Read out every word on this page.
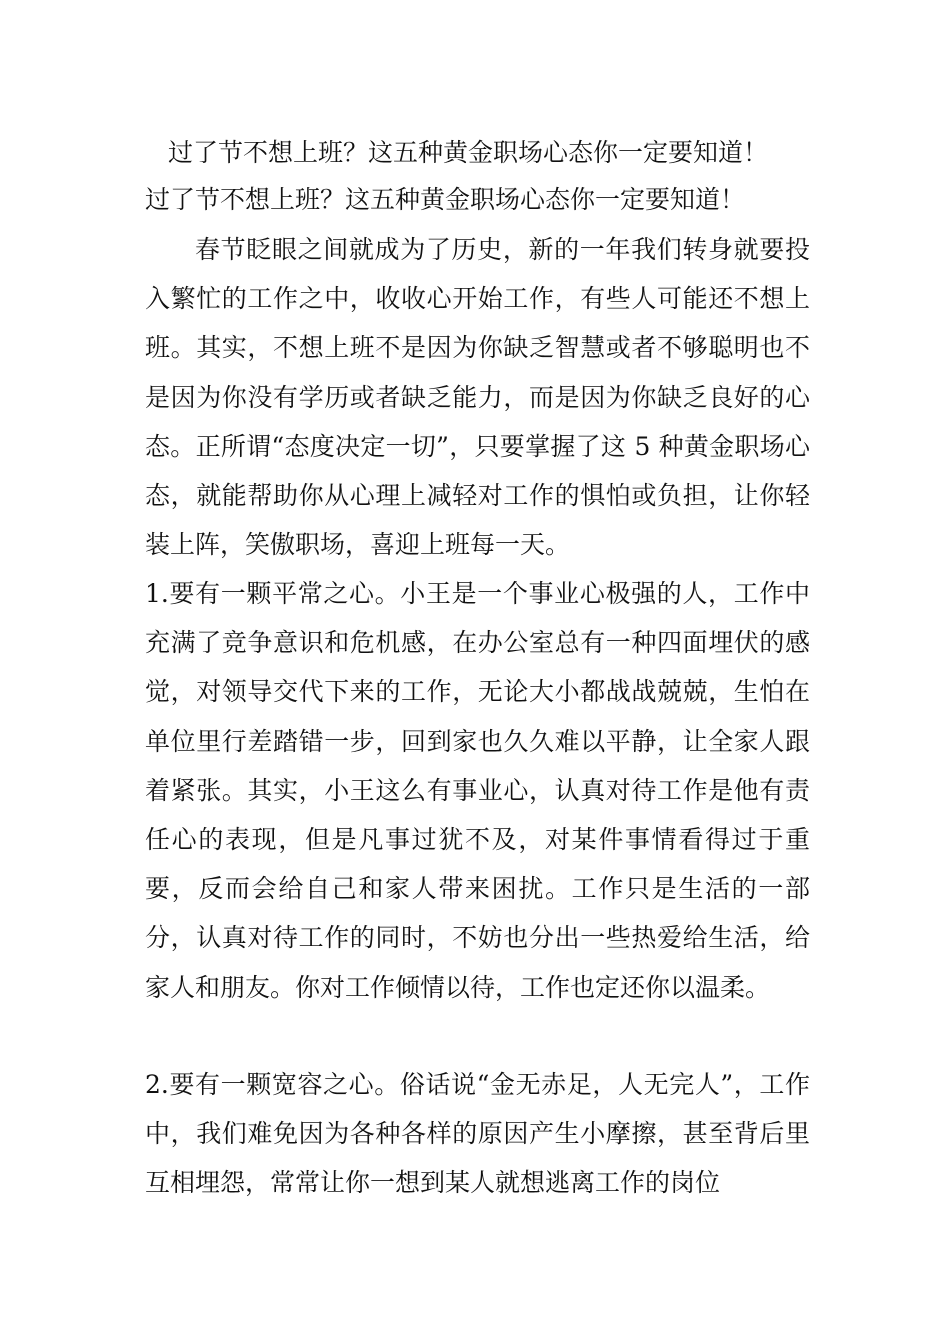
过了节不想上班？这五种黄金职场心态你一定要知道！
过了节不想上班？这五种黄金职场心态你一定要知道！

春节眨眼之间就成为了历史，新的一年我们转身就要投入繁忙的工作之中，收收心开始工作，有些人可能还不想上班。其实，不想上班不是因为你缺乏智慧或者不够聪明也不是因为你没有学历或者缺乏能力，而是因为你缺乏良好的心态。正所谓“态度决定一切”，只要掌握了这 5 种黄金职场心态，就能帮助你从心理上减轻对工作的惧怕或负担，让你轻装上阵，笑傲职场，喜迎上班每一天。

1.要有一颗平常之心。小王是一个事业心极强的人，工作中充满了竞争意识和危机感，在办公室总有一种四面埋伏的感觉，对领导交代下来的工作，无论大小都战战兢兢，生怕在单位里行差踏错一步，回到家也久久难以平静，让全家人跟着紧张。其实，小王这么有事业心，认真对待工作是他有责任心的表现，但是凡事过犹不及，对某件事情看得过于重要，反而会给自己和家人带来困扰。工作只是生活的一部分，认真对待工作的同时，不妨也分出一些热爱给生活，给家人和朋友。你对工作倾情以待，工作也定还你以温柔。

2.要有一颗宽容之心。俗话说“金无赤足，人无完人”，工作中，我们难免因为各种各样的原因产生小摩擦，甚至背后里互相埋怨，常常让你一想到某人就想逃离工作的岗位
